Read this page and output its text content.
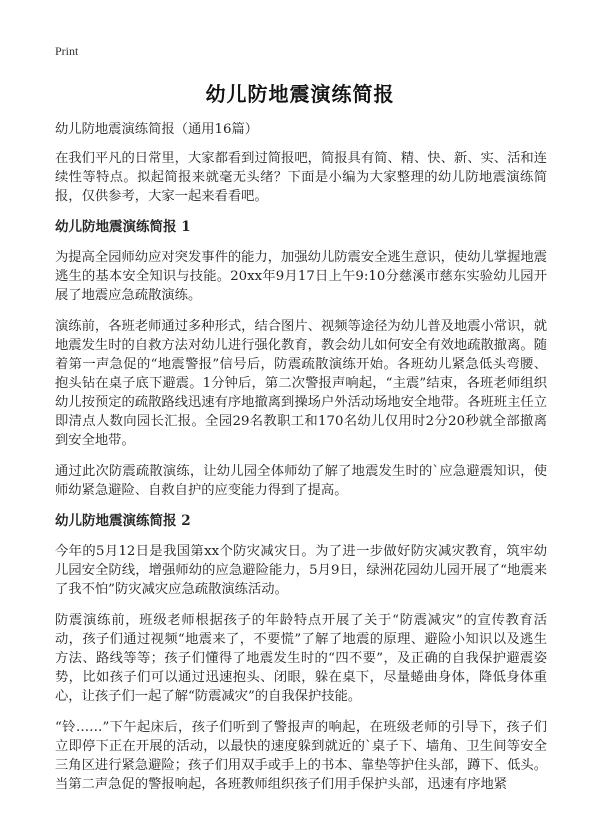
Print
幼儿防地震演练简报

幼儿防地震演练简报（通用16篇）

在我们平凡的日常里，大家都看到过简报吧，简报具有简、精、快、新、实、活和连续性等特点。拟起简报来就毫无头绪？下面是小编为大家整理的幼儿防地震演练简报，仅供参考，大家一起来看看吧。

幼儿防地震演练简报 1

为提高全园师幼应对突发事件的能力，加强幼儿防震安全逃生意识，使幼儿掌握地震逃生的基本安全知识与技能。20xx年9月17日上午9:10分慈溪市慈东实验幼儿园开展了地震应急疏散演练。

演练前，各班老师通过多种形式，结合图片、视频等途径为幼儿普及地震小常识，就地震发生时的自救方法对幼儿进行强化教育，教会幼儿如何安全有效地疏散撤离。随着第一声急促的“地震警报”信号后，防震疏散演练开始。各班幼儿紧急低头弯腰、抱头钻在桌子底下避震。1分钟后，第二次警报声响起，“主震”结束，各班老师组织幼儿按预定的疏散路线迅速有序地撤离到操场户外活动场地安全地带。各班班主任立即清点人数向园长汇报。全园29名教职工和170名幼儿仅用时2分20秒就全部撤离到安全地带。

通过此次防震疏散演练，让幼儿园全体师幼了解了地震发生时的`应急避震知识，使师幼紧急避险、自救自护的应变能力得到了提高。

幼儿防地震演练简报 2

今年的5月12日是我国第xx个防灾减灾日。为了进一步做好防灾减灾教育，筑牢幼儿园安全防线，增强师幼的应急避险能力，5月9日，绿洲花园幼儿园开展了“地震来了我不怕”防灾减灾应急疏散演练活动。

防震演练前，班级老师根据孩子的年龄特点开展了关于“防震减灾”的宣传教育活动，孩子们通过视频“地震来了，不要慌”了解了地震的原理、避险小知识以及逃生方法、路线等等；孩子们懂得了地震发生时的“四不要”，及正确的自我保护避震姿势，比如孩子们可以通过迅速抱头、闭眼，躲在桌下，尽量蜷曲身体，降低身体重心，让孩子们一起了解“防震减灾”的自我保护技能。

“铃……”下午起床后，孩子们听到了警报声的响起，在班级老师的引导下，孩子们立即停下正在开展的活动，以最快的速度躲到就近的`桌子下、墙角、卫生间等安全三角区进行紧急避险；孩子们用双手或手上的书本、靠垫等护住头部，蹲下、低头。当第二声急促的警报响起，各班教师组织孩子们用手保护头部，迅速有序地紧
